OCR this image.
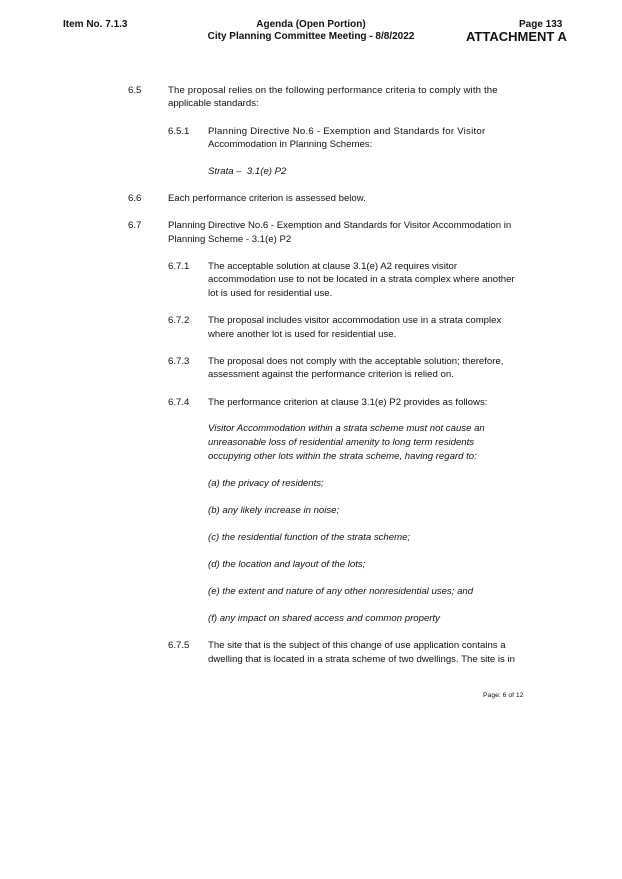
Item No. 7.1.3	Agenda (Open Portion)
City Planning Committee Meeting - 8/8/2022
Page 133
ATTACHMENT A
6.5	The proposal relies on the following performance criteria to comply with the
applicable standards:
6.5.1 Planning Directive No.6 - Exemption and Standards for Visitor
Accommodation in Planning Schemes:
Strata –  3.1(e) P2
6.6	Each performance criterion is assessed below.
6.7	Planning Directive No.6 - Exemption and Standards for Visitor Accommodation in
Planning Scheme - 3.1(e) P2
6.7.1 The acceptable solution at clause 3.1(e) A2 requires visitor
accommodation use to not be located in a strata complex where another
lot is used for residential use.
6.7.2 The proposal includes visitor accommodation use in a strata complex
where another lot is used for residential use.
6.7.3 The proposal does not comply with the acceptable solution; therefore,
assessment against the performance criterion is relied on.
6.7.4 The performance criterion at clause 3.1(e) P2 provides as follows:
Visitor Accommodation within a strata scheme must not cause an
unreasonable loss of residential amenity to long term residents
occupying other lots within the strata scheme, having regard to:
(a) the privacy of residents;
(b) any likely increase in noise;
(c) the residential function of the strata scheme;
(d) the location and layout of the lots;
(e) the extent and nature of any other nonresidential uses; and
(f) any impact on shared access and common property
6.7.5 The site that is the subject of this change of use application contains a
dwelling that is located in a strata scheme of two dwellings. The site is in
Page: 6 of 12
